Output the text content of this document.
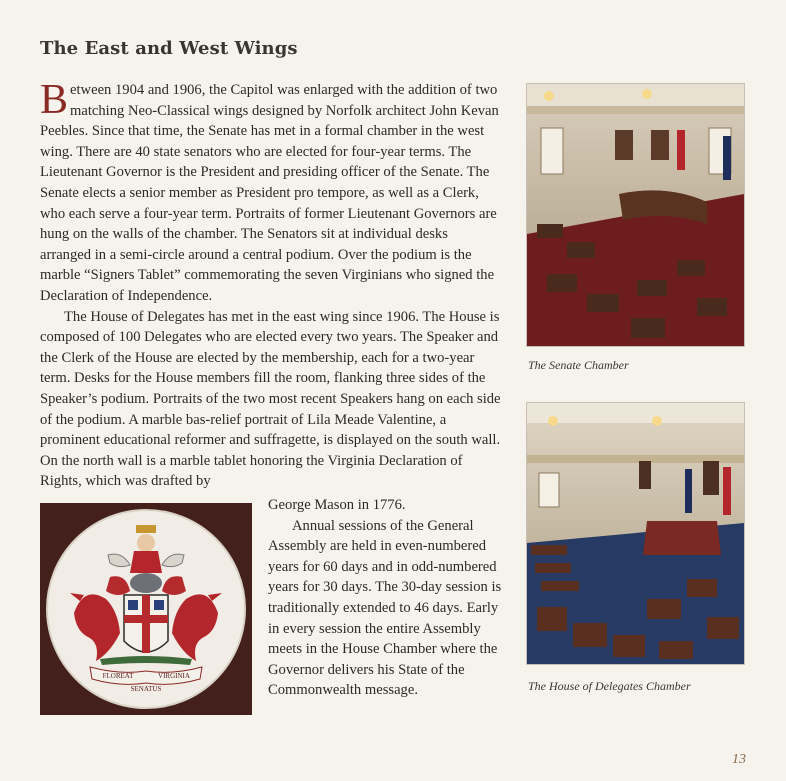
The East and West Wings

Between 1904 and 1906, the Capitol was enlarged with the addition of two matching Neo-Classical wings designed by Norfolk architect John Kevan Peebles. Since that time, the Senate has met in a formal chamber in the west wing. There are 40 state senators who are elected for four-year terms. The Lieutenant Governor is the President and presiding officer of the Senate. The Senate elects a senior member as President pro tempore, as well as a Clerk, who each serve a four-year term. Portraits of former Lieutenant Governors are hung on the walls of the chamber. The Senators sit at individual desks arranged in a semi-circle around a central podium. Over the podium is the marble “Signers Tablet” commemorating the seven Virginians who signed the Declaration of Independence.

The House of Delegates has met in the east wing since 1906. The House is composed of 100 Delegates who are elected every two years. The Speaker and the Clerk of the House are elected by the membership, each for a two-year term. Desks for the House members fill the room, flanking three sides of the Speaker’s podium. Portraits of the two most recent Speakers hang on each side of the podium. A marble bas-relief portrait of Lila Meade Valentine, a prominent educational reformer and suffragette, is displayed on the south wall. On the north wall is a marble tablet honoring the Virginia Declaration of Rights, which was drafted by

George Mason in 1776.

Annual sessions of the General Assembly are held in even-numbered years for 60 days and in odd-numbered years for 30 days. The 30-day session is traditionally extended to 46 days. Early in every session the entire Assembly meets in the House Chamber where the Governor delivers his State of the Commonwealth message.

FLOREAT	VIRGINIA
SENATUS
The Senate Chamber
The House of Delegates Chamber
13
